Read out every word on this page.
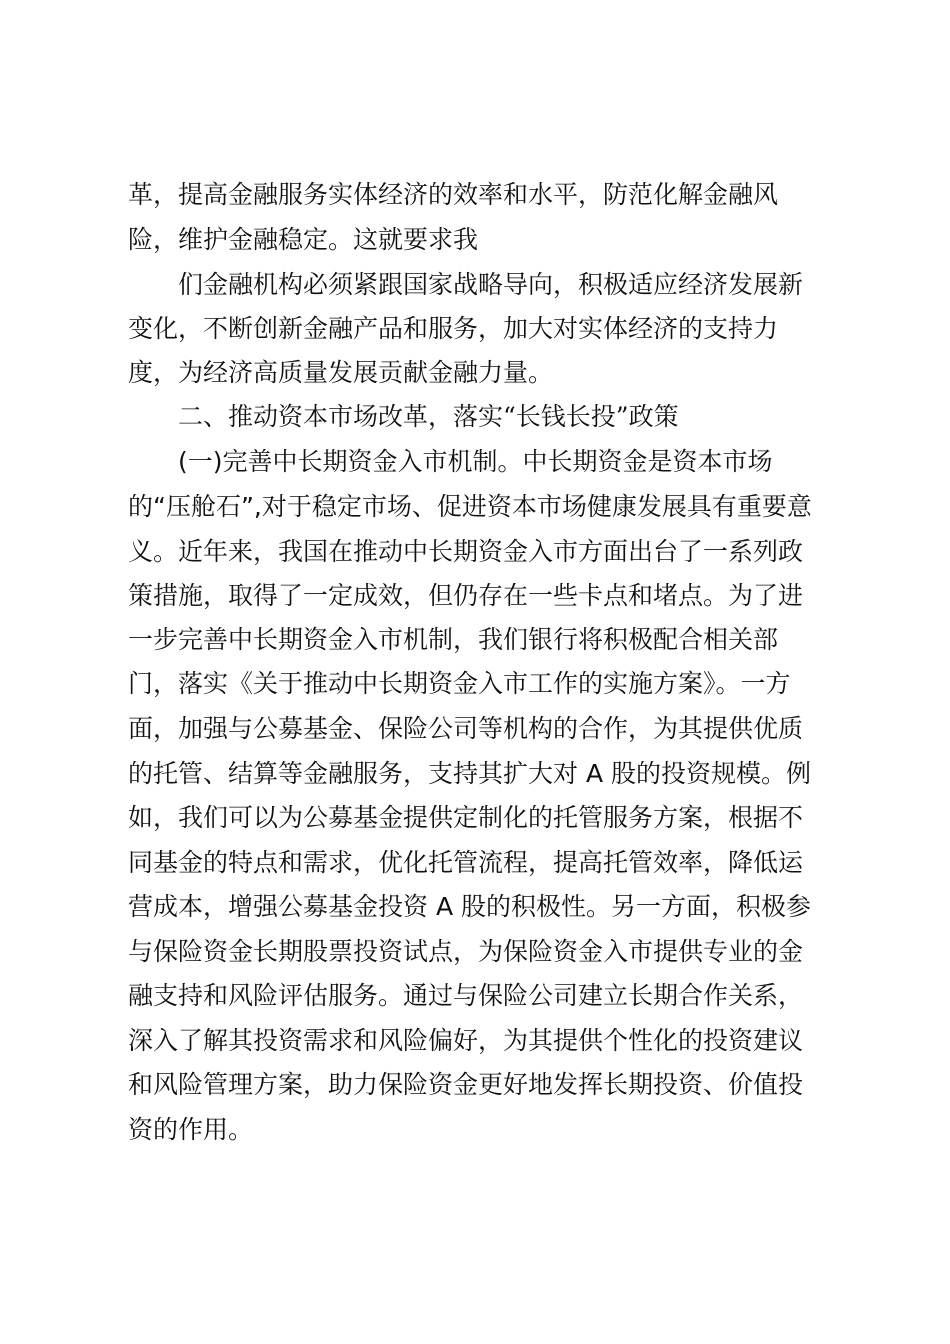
革，提高金融服务实体经济的效率和水平，防范化解金融风

险，维护金融稳定。这就要求我

们金融机构必须紧跟国家战略导向，积极适应经济发展新

变化，不断创新金融产品和服务，加大对实体经济的支持力

度，为经济高质量发展贡献金融力量。

二、推动资本市场改革，落实“长钱长投”政策

(一)完善中长期资金入市机制。中长期资金是资本市场

的“压舱石”,对于稳定市场、促进资本市场健康发展具有重要意

义。近年来，我国在推动中长期资金入市方面出台了一系列政

策措施，取得了一定成效，但仍存在一些卡点和堵点。为了进

一步完善中长期资金入市机制，我们银行将积极配合相关部

门，落实《关于推动中长期资金入市工作的实施方案》。一方

面，加强与公募基金、保险公司等机构的合作，为其提供优质

的托管、结算等金融服务，支持其扩大对 A 股的投资规模。例

如，我们可以为公募基金提供定制化的托管服务方案，根据不

同基金的特点和需求，优化托管流程，提高托管效率，降低运

营成本，增强公募基金投资 A 股的积极性。另一方面，积极参

与保险资金长期股票投资试点，为保险资金入市提供专业的金

融支持和风险评估服务。通过与保险公司建立长期合作关系，

深入了解其投资需求和风险偏好，为其提供个性化的投资建议

和风险管理方案，助力保险资金更好地发挥长期投资、价值投

资的作用。
